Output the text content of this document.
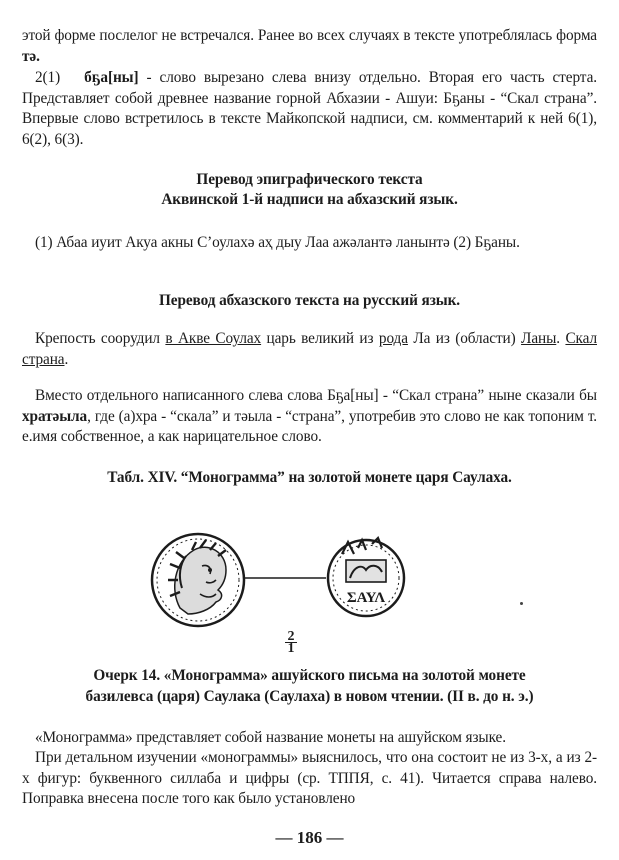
этой форме послелог не встречался. Ранее во всех случаях в тексте употреблялась форма тә.
2(1) бҕа[ны] - слово вырезано слева внизу отдельно. Вторая его часть стерта. Представляет собой древнее название горной Абхазии - Ашуи: Бҕаны - “Скал страна”. Впервые слово встретилось в тексте Майкопской надписи, см. комментарий к ней 6(1), 6(2), 6(3).
Перевод эпиграфического текста
Аквинской 1-й надписи на абхазский язык.
(1) Абаа иуит Акуа акны С’оулахә аҳ дыу Лаа ажәлантә ланынтә (2) Бҕаны.
Перевод абхазского текста на русский язык.
Крепость соорудил в Акве Соулах царь великий из рода Ла из (области) Ланы. Скал страна.
Вместо отдельного написанного слева слова Бҕа[ны] - “Скал страна” ныне сказали бы хратәыла, где (а)хра - “скала” и тәыла - “страна”, употребив это слово не как топоним т. е.имя собственное, а как нарицательное слово.
Табл. XIV. “Монограмма” на золотой монете царя Саулаха.
ΣΑΥΛ
2
1
Очерк 14. «Монограмма» ашуйского письма на золотой монете
базилевса (царя) Саулака (Саулаха) в новом чтении. (II в. до н. э.)
«Монограмма» представляет собой название монеты на ашуйском языке.
При детальном изучении «монограммы» выяснилось, что она состоит не из 3-х, а из 2-х фигур: буквенного силлаба и цифры (ср. ТППЯ, с. 41). Читается справа налево. Поправка внесена после того как было установлено
— 186 —
